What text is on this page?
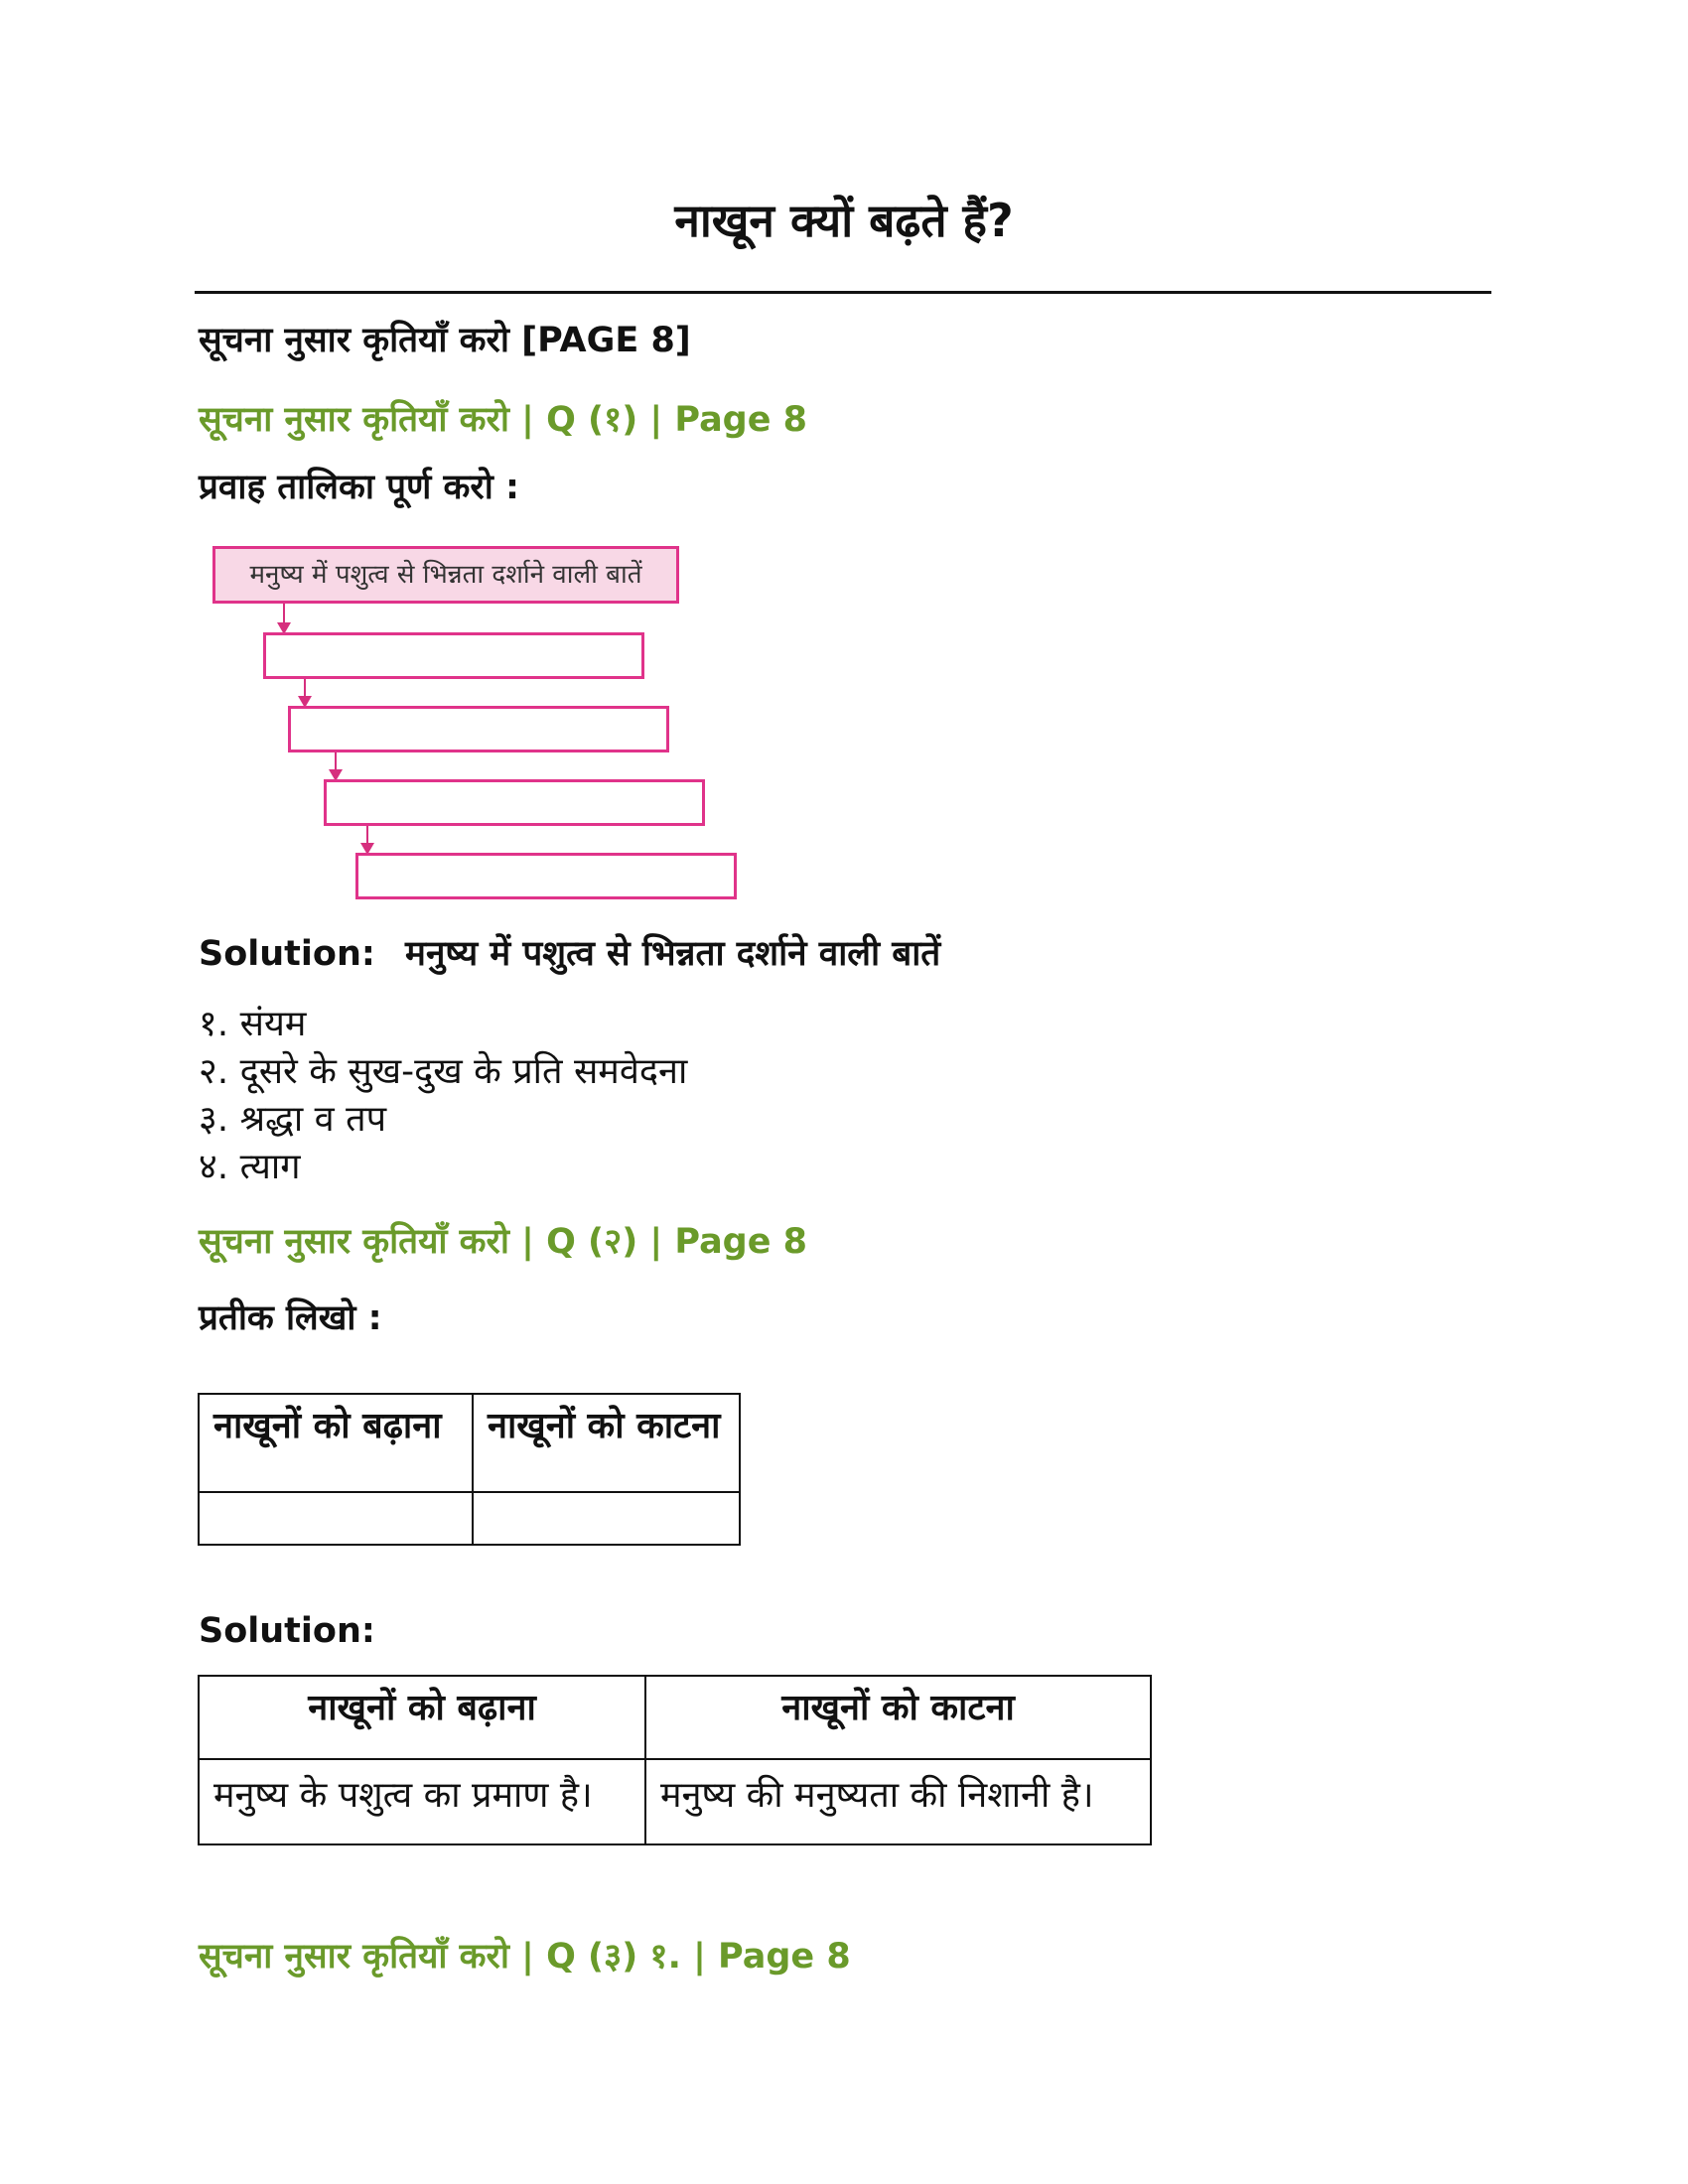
नाखून क्यों बढ़ते हैं?
सूचना नुसार कृतियाँ करो [PAGE 8]
सूचना नुसार कृतियाँ करो | Q (१) | Page 8
प्रवाह तालिका पूर्ण करो :
मनुष्य में पशुत्व से भिन्नता दर्शाने वाली बातें
Solution: मनुष्य में पशुत्व से भिन्नता दर्शाने वाली बातें
१. संयम
२. दूसरे के सुख-दुख के प्रति समवेदना
३. श्रद्धा व तप
४. त्याग
सूचना नुसार कृतियाँ करो | Q (२) | Page 8
प्रतीक लिखो :
नाखूनों को बढ़ाना	नाखूनों को काटना

Solution:
नाखूनों को बढ़ाना	नाखूनों को काटना

मनुष्य के पशुत्व का प्रमाण है।	मनुष्य की मनुष्यता की निशानी है।
सूचना नुसार कृतियाँ करो | Q (३) १. | Page 8
